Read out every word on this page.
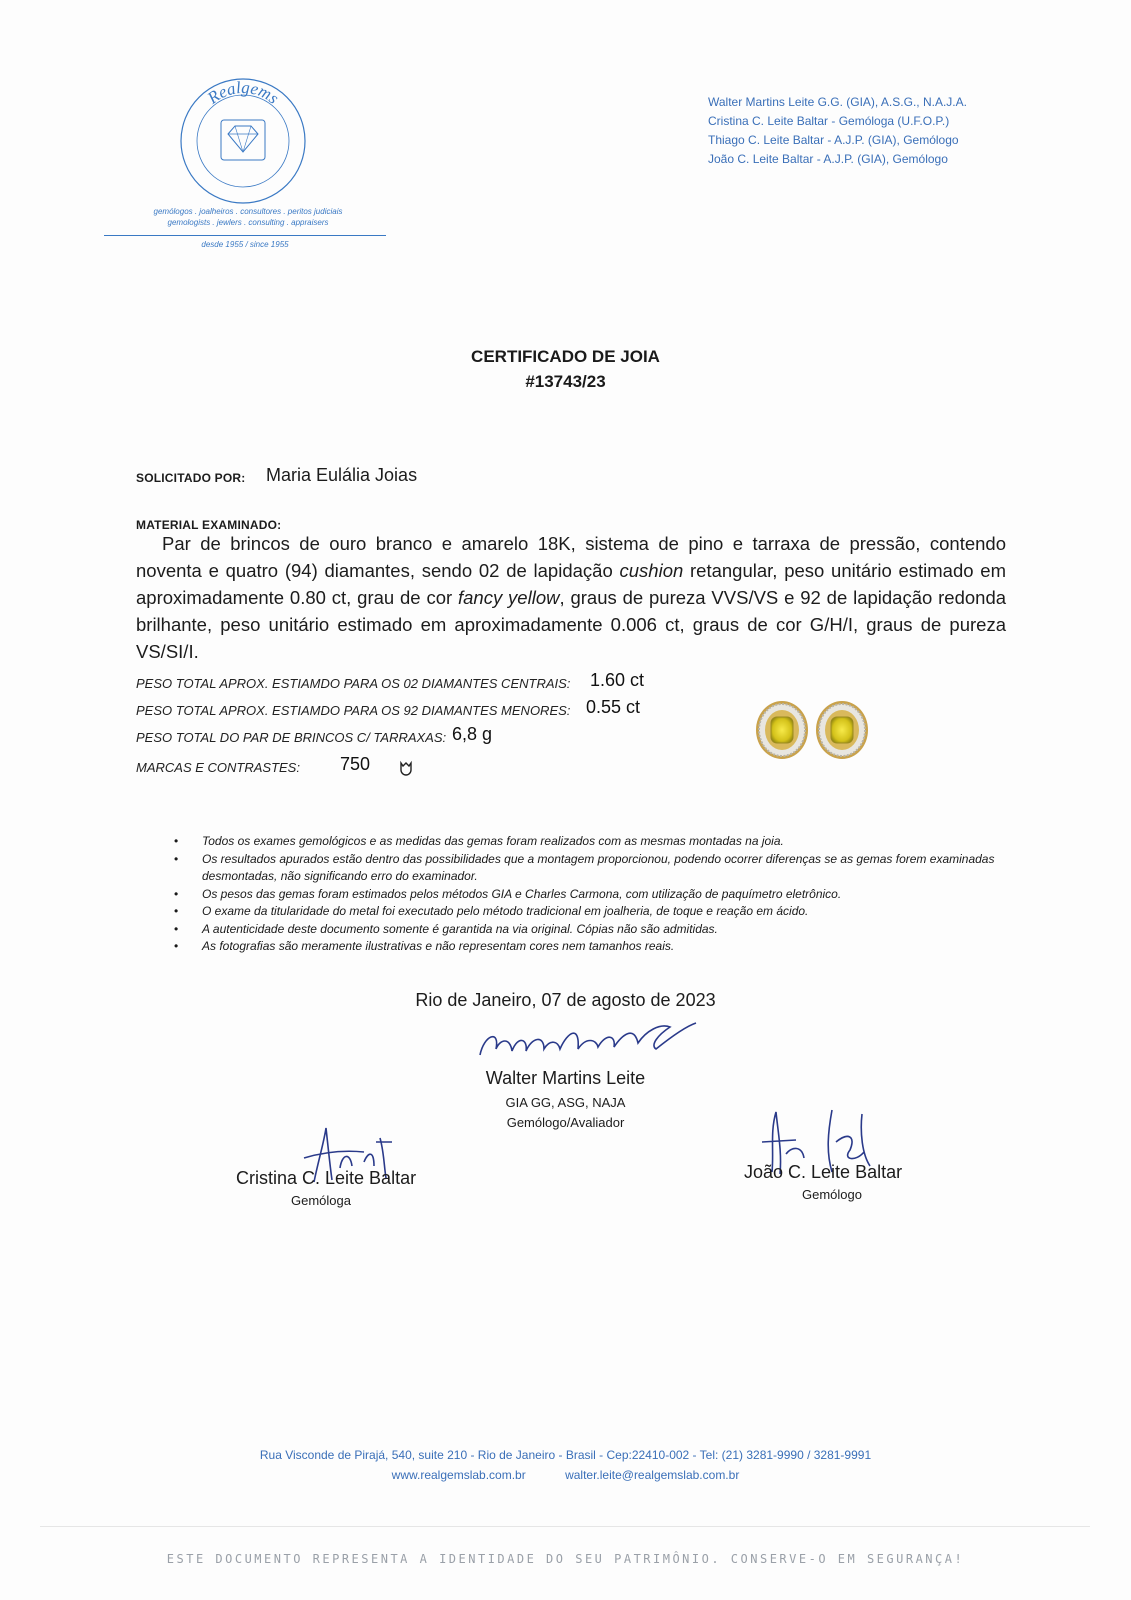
Realgems
gemólogos . joalheiros . consultores . peritos judiciais
gemologists . jewlers . consulting . appraisers
desde 1955 / since 1955
Walter Martins Leite G.G. (GIA), A.S.G., N.A.J.A.
Cristina C. Leite Baltar - Gemóloga (U.F.O.P.)
Thiago C. Leite Baltar - A.J.P. (GIA), Gemólogo
João C. Leite Baltar - A.J.P. (GIA), Gemólogo
CERTIFICADO DE JOIA
#13743/23
SOLICITADO POR: Maria Eulália Joias
MATERIAL EXAMINADO:
Par de brincos de ouro branco e amarelo 18K, sistema de pino e tarraxa de pressão, contendo noventa e quatro (94) diamantes, sendo 02 de lapidação cushion retangular, peso unitário estimado em aproximadamente 0.80 ct, grau de cor fancy yellow, graus de pureza VVS/VS e 92 de lapidação redonda brilhante, peso unitário estimado em aproximadamente 0.006 ct, graus de cor G/H/I, graus de pureza VS/SI/I.
PESO TOTAL APROX. ESTIAMDO PARA OS 02 DIAMANTES CENTRAIS: 1.60 ct
PESO TOTAL APROX. ESTIAMDO PARA OS 92 DIAMANTES MENORES: 0.55 ct
PESO TOTAL DO PAR DE BRINCOS C/ TARRAXAS: 6,8 g
MARCAS E CONTRASTES: 750
• Todos os exames gemológicos e as medidas das gemas foram realizados com as mesmas montadas na joia.
• Os resultados apurados estão dentro das possibilidades que a montagem proporcionou, podendo ocorrer diferenças se as gemas forem examinadas desmontadas, não significando erro do examinador.
• Os pesos das gemas foram estimados pelos métodos GIA e Charles Carmona, com utilização de paquímetro eletrônico.
• O exame da titularidade do metal foi executado pelo método tradicional em joalheria, de toque e reação em ácido.
• A autenticidade deste documento somente é garantida na via original. Cópias não são admitidas.
• As fotografias são meramente ilustrativas e não representam cores nem tamanhos reais.
Rio de Janeiro, 07 de agosto de 2023
Walter Martins Leite
GIA GG, ASG, NAJA
Gemólogo/Avaliador
Cristina C. Leite Baltar
Gemóloga
João C. Leite Baltar
Gemólogo
Rua Visconde de Pirajá, 540, suite 210 - Rio de Janeiro - Brasil - Cep:22410-002 - Tel: (21) 3281-9990 / 3281-9991
www.realgemslab.com.br	walter.leite@realgemslab.com.br
ESTE DOCUMENTO REPRESENTA A IDENTIDADE DO SEU PATRIMÔNIO. CONSERVE-O EM SEGURANÇA!
